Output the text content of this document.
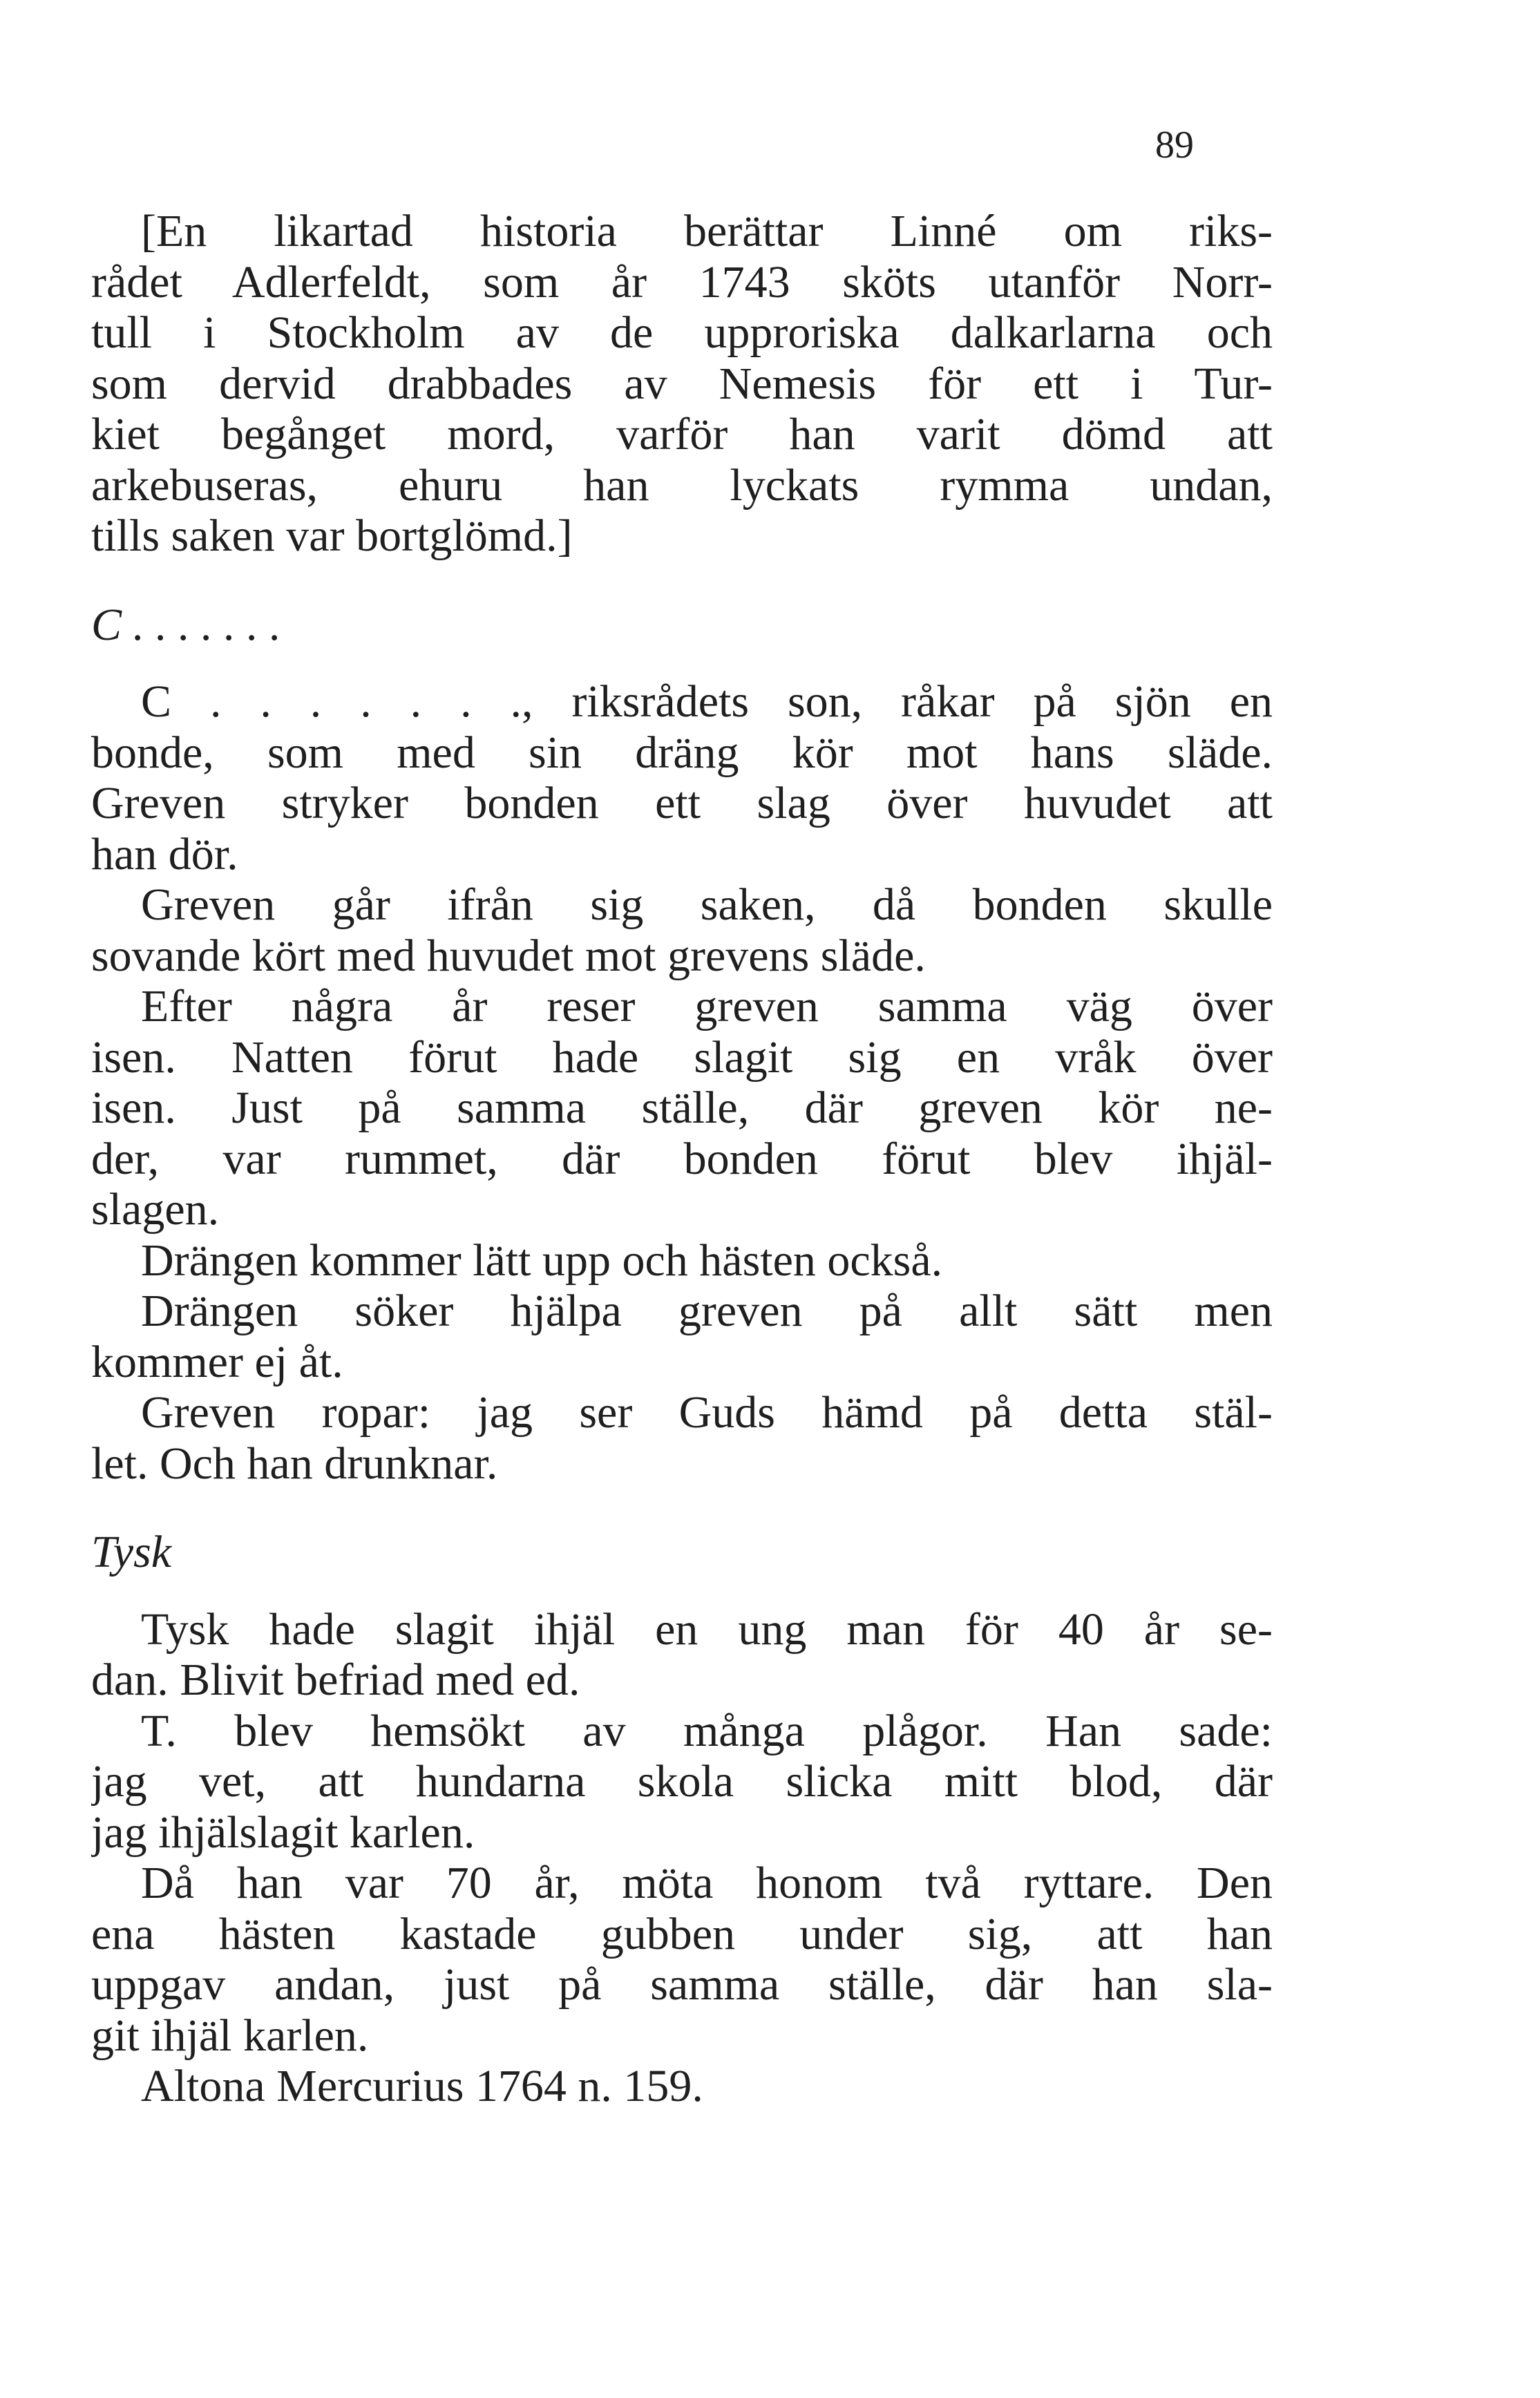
89
[En likartad historia berättar Linné om riks-
rådet Adlerfeldt, som år 1743 sköts utanför Norr-
tull i Stockholm av de upproriska dalkarlarna och
som dervid drabbades av Nemesis för ett i Tur-
kiet begånget mord, varför han varit dömd att
arkebuseras, ehuru han lyckats rymma undan,
tills saken var bortglömd.]
C . . . . . . .
C . . . . . . ., riksrådets son, råkar på sjön en
bonde, som med sin dräng kör mot hans släde.
Greven stryker bonden ett slag över huvudet att
han dör.
Greven går ifrån sig saken, då bonden skulle
sovande kört med huvudet mot grevens släde.
Efter några år reser greven samma väg över
isen. Natten förut hade slagit sig en vråk över
isen. Just på samma ställe, där greven kör ne-
der, var rummet, där bonden förut blev ihjäl-
slagen.
Drängen kommer lätt upp och hästen också.
Drängen söker hjälpa greven på allt sätt men
kommer ej åt.
Greven ropar: jag ser Guds hämd på detta stäl-
let. Och han drunknar.
Tysk
Tysk hade slagit ihjäl en ung man för 40 år se-
dan. Blivit befriad med ed.
T. blev hemsökt av många plågor. Han sade:
jag vet, att hundarna skola slicka mitt blod, där
jag ihjälslagit karlen.
Då han var 70 år, möta honom två ryttare. Den
ena hästen kastade gubben under sig, att han
uppgav andan, just på samma ställe, där han sla-
git ihjäl karlen.
Altona Mercurius 1764 n. 159.
